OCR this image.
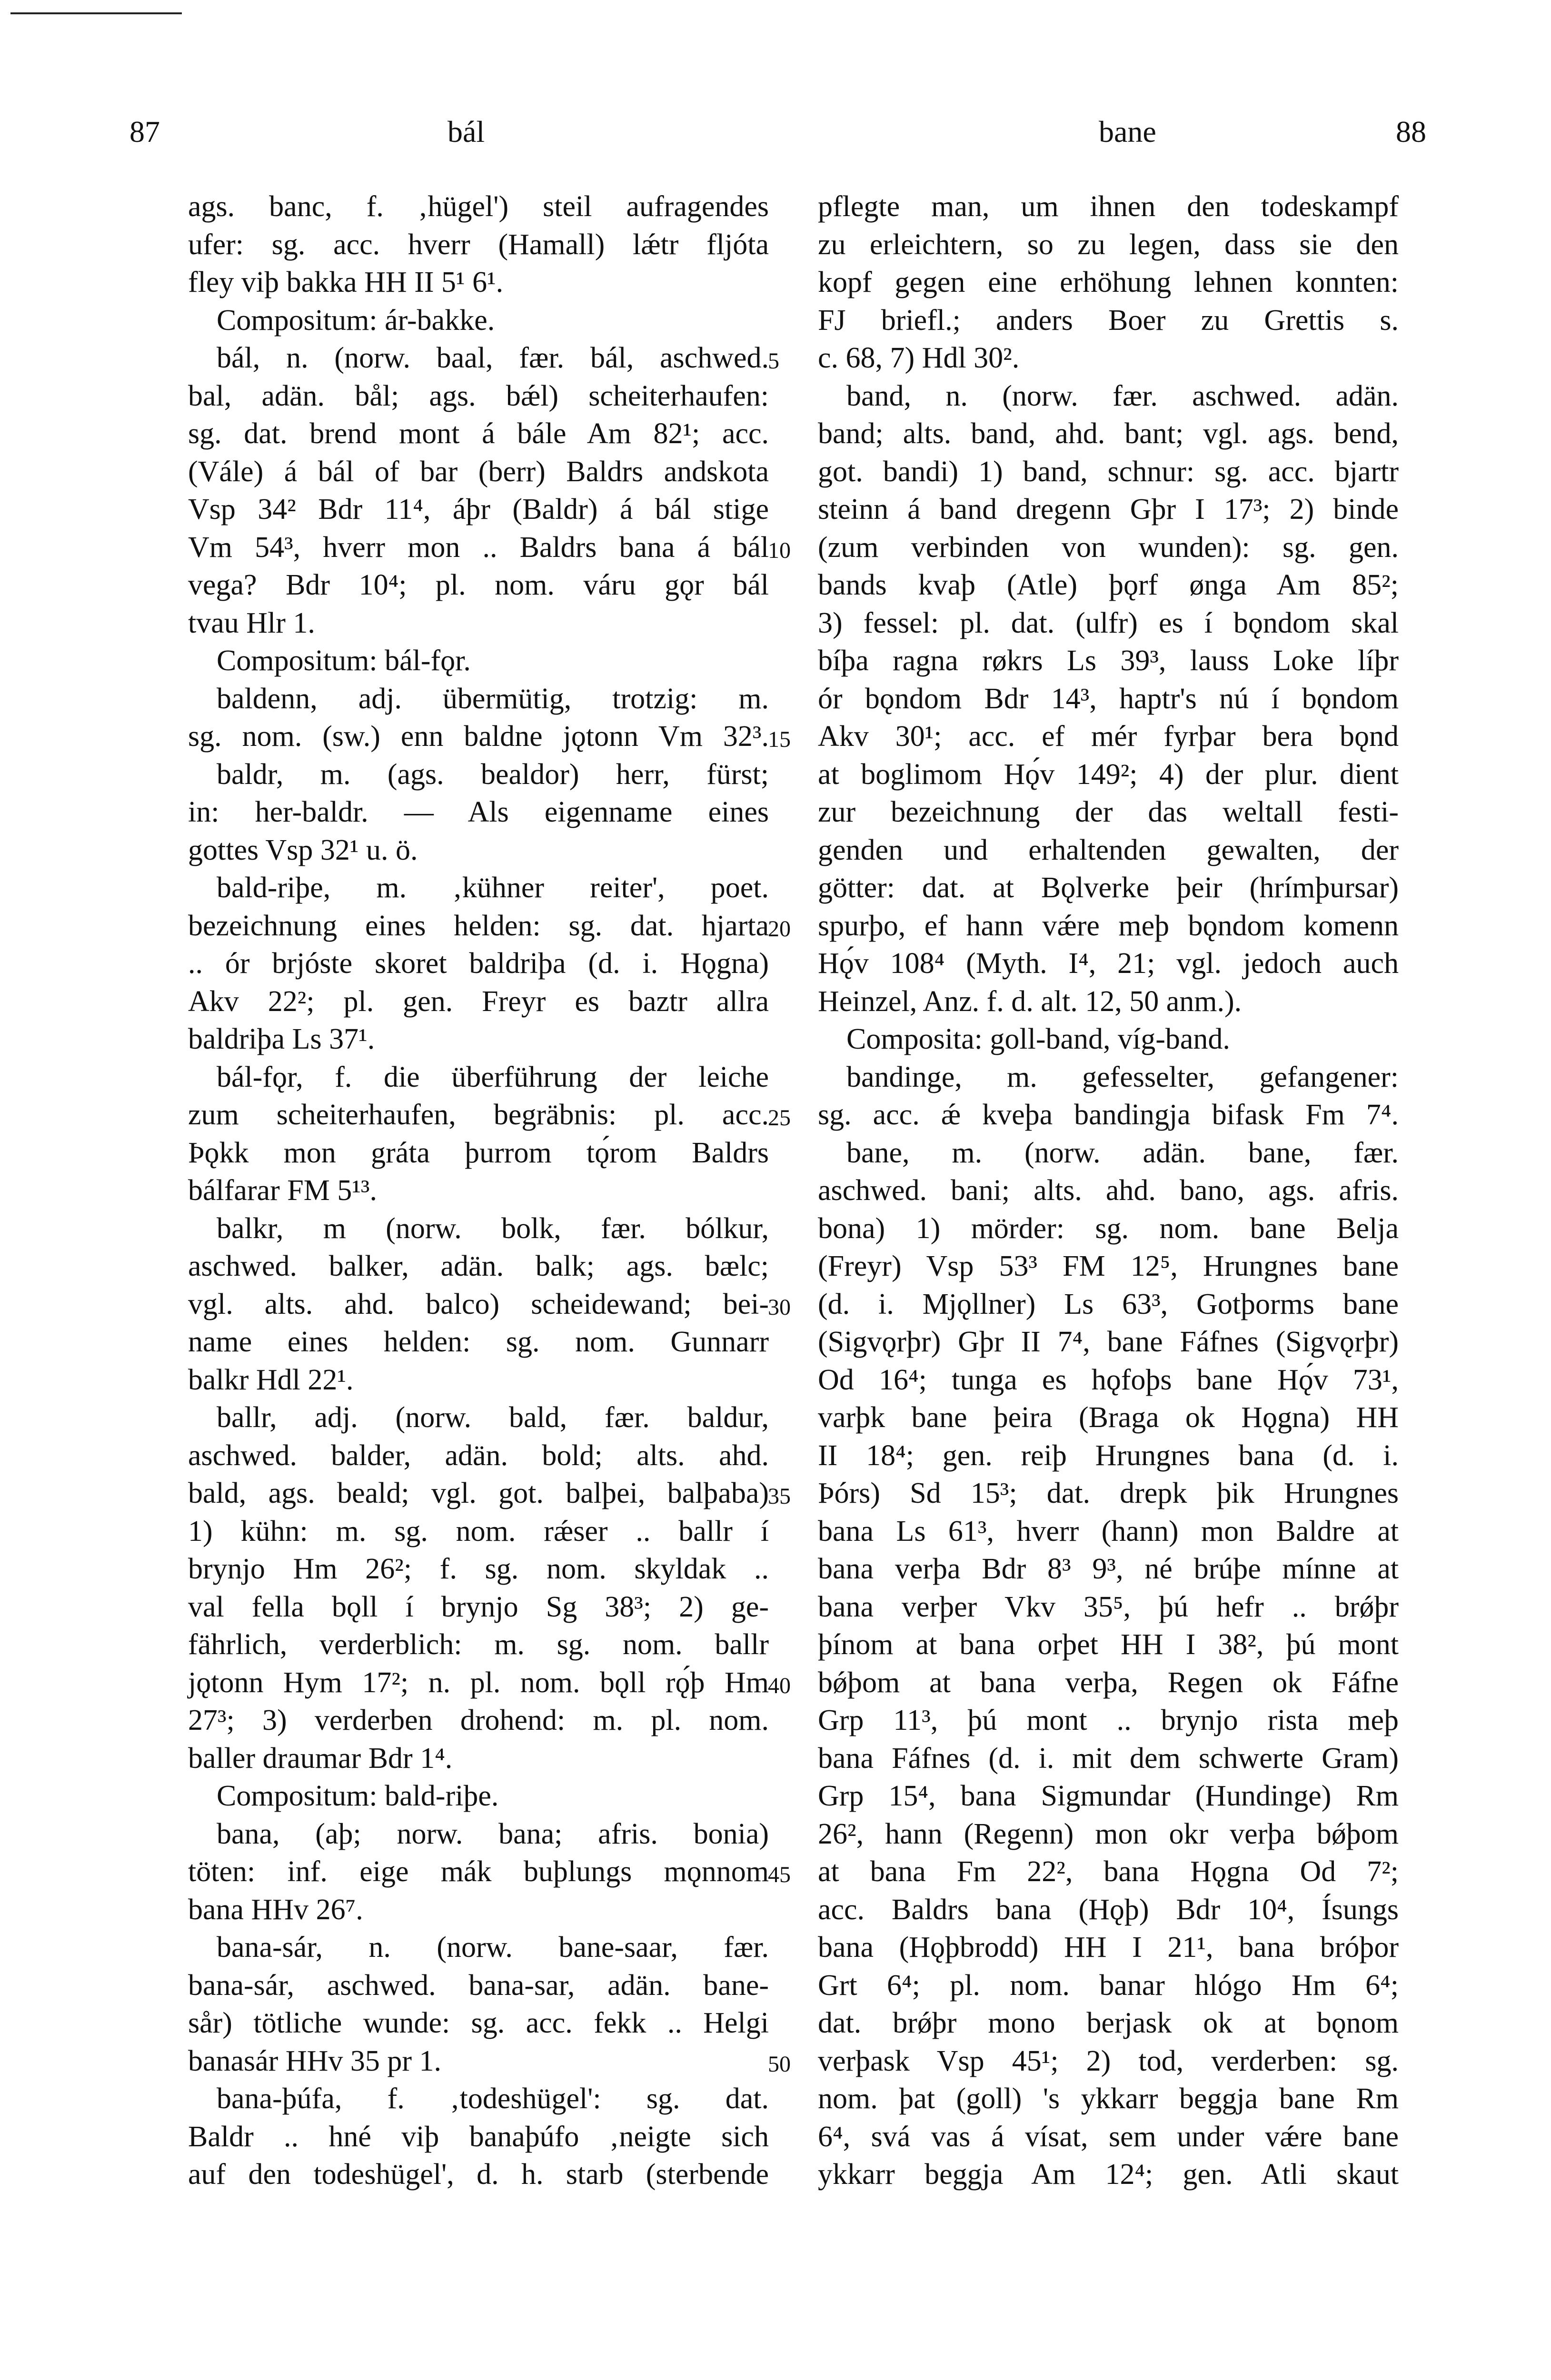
87	bál	bane	88
ags. banc, f. ‚hügel') steil aufragendes
ufer: sg. acc. hverr (Hamall) lǽtr fljóta
fley viþ bakka HH II 5¹ 6¹.
Compositum: ár-bakke.
bál, n. (norw. baal, fær. bál, aschwed.
bal, adän. bål; ags. bǽl) scheiterhaufen:
sg. dat. brend mont á bále Am 82¹; acc.
(Vále) á bál of bar (berr) Baldrs andskota
Vsp 34² Bdr 11⁴, áþr (Baldr) á bál stige
Vm 54³, hverr mon .. Baldrs bana á bál
vega? Bdr 10⁴; pl. nom. váru gǫr bál
tvau Hlr 1.
Compositum: bál-fǫr.
baldenn, adj. übermütig, trotzig: m.
sg. nom. (sw.) enn baldne jǫtonn Vm 32³.
baldr, m. (ags. bealdor) herr, fürst;
in: her-baldr. — Als eigenname eines
gottes Vsp 32¹ u. ö.
bald-riþe, m. ‚kühner reiter', poet.
bezeichnung eines helden: sg. dat. hjarta
.. ór brjóste skoret baldriþa (d. i. Hǫgna)
Akv 22²; pl. gen. Freyr es baztr allra
baldriþa Ls 37¹.
bál-fǫr, f. die überführung der leiche
zum scheiterhaufen, begräbnis: pl. acc.
Þǫkk mon gráta þurrom tǫ́rom Baldrs
bálfarar FM 5¹³.
balkr, m (norw. bolk, fær. bólkur,
aschwed. balker, adän. balk; ags. bælc;
vgl. alts. ahd. balco) scheidewand; bei-
name eines helden: sg. nom. Gunnarr
balkr Hdl 22¹.
ballr, adj. (norw. bald, fær. baldur,
aschwed. balder, adän. bold; alts. ahd.
bald, ags. beald; vgl. got. balþei, balþaba)
1) kühn: m. sg. nom. rǽser .. ballr í
brynjo Hm 26²; f. sg. nom. skyldak ..
val fella bǫll í brynjo Sg 38³; 2) ge-
fährlich, verderblich: m. sg. nom. ballr
jǫtonn Hym 17²; n. pl. nom. bǫll rǫ́þ Hm
27³; 3) verderben drohend: m. pl. nom.
baller draumar Bdr 1⁴.
Compositum: bald-riþe.
bana, (aþ; norw. bana; afris. bonia)
töten: inf. eige mák buþlungs mǫnnom
bana HHv 26⁷.
bana-sár, n. (norw. bane-saar, fær.
bana-sár, aschwed. bana-sar, adän. bane-
sår) tötliche wunde: sg. acc. fekk .. Helgi
banasár HHv 35 pr 1.
bana-þúfa, f. ‚todeshügel': sg. dat.
Baldr .. hné viþ banaþúfo ‚neigte sich
auf den todeshügel', d. h. starb (sterbende
5
10
15
20
25
30
35
40
45
50
pflegte man, um ihnen den todeskampf
zu erleichtern, so zu legen, dass sie den
kopf gegen eine erhöhung lehnen konnten:
FJ briefl.; anders Boer zu Grettis s.
c. 68, 7) Hdl 30².
band, n. (norw. fær. aschwed. adän.
band; alts. band, ahd. bant; vgl. ags. bend,
got. bandi) 1) band, schnur: sg. acc. bjartr
steinn á band dregenn Gþr I 17³; 2) binde
(zum verbinden von wunden): sg. gen.
bands kvaþ (Atle) þǫrf ønga Am 85²;
3) fessel: pl. dat. (ulfr) es í bǫndom skal
bíþa ragna røkrs Ls 39³, lauss Loke líþr
ór bǫndom Bdr 14³, haptr's nú í bǫndom
Akv 30¹; acc. ef mér fyrþar bera bǫnd
at boglimom Hǫ́v 149²; 4) der plur. dient
zur bezeichnung der das weltall festi-
genden und erhaltenden gewalten, der
götter: dat. at Bǫlverke þeir (hrímþursar)
spurþo, ef hann vǽre meþ bǫndom komenn
Hǫ́v 108⁴ (Myth. I⁴, 21; vgl. jedoch auch
Heinzel, Anz. f. d. alt. 12, 50 anm.).
Composita: goll-band, víg-band.
bandinge, m. gefesselter, gefangener:
sg. acc. ǽ kveþa bandingja bifask Fm 7⁴.
bane, m. (norw. adän. bane, fær.
aschwed. bani; alts. ahd. bano, ags. afris.
bona) 1) mörder: sg. nom. bane Belja
(Freyr) Vsp 53³ FM 12⁵, Hrungnes bane
(d. i. Mjǫllner) Ls 63³, Gotþorms bane
(Sigvǫrþr) Gþr II 7⁴, bane Fáfnes (Sigvǫrþr)
Od 16⁴; tunga es hǫfoþs bane Hǫ́v 73¹,
varþk bane þeira (Braga ok Hǫgna) HH
II 18⁴; gen. reiþ Hrungnes bana (d. i.
Þórs) Sd 15³; dat. drepk þik Hrungnes
bana Ls 61³, hverr (hann) mon Baldre at
bana verþa Bdr 8³ 9³, né brúþe mínne at
bana verþer Vkv 35⁵, þú hefr .. brǿþr
þínom at bana orþet HH I 38², þú mont
bǿþom at bana verþa, Regen ok Fáfne
Grp 11³, þú mont .. brynjo rista meþ
bana Fáfnes (d. i. mit dem schwerte Gram)
Grp 15⁴, bana Sigmundar (Hundinge) Rm
26², hann (Regenn) mon okr verþa bǿþom
at bana Fm 22², bana Hǫgna Od 7²;
acc. Baldrs bana (Hǫþ) Bdr 10⁴, Ísungs
bana (Hǫþbrodd) HH I 21¹, bana bróþor
Grt 6⁴; pl. nom. banar hlógo Hm 6⁴;
dat. brǿþr mono berjask ok at bǫnom
verþask Vsp 45¹; 2) tod, verderben: sg.
nom. þat (goll) 's ykkarr beggja bane Rm
6⁴, svá vas á vísat, sem under vǽre bane
ykkarr beggja Am 12⁴; gen. Atli skaut
